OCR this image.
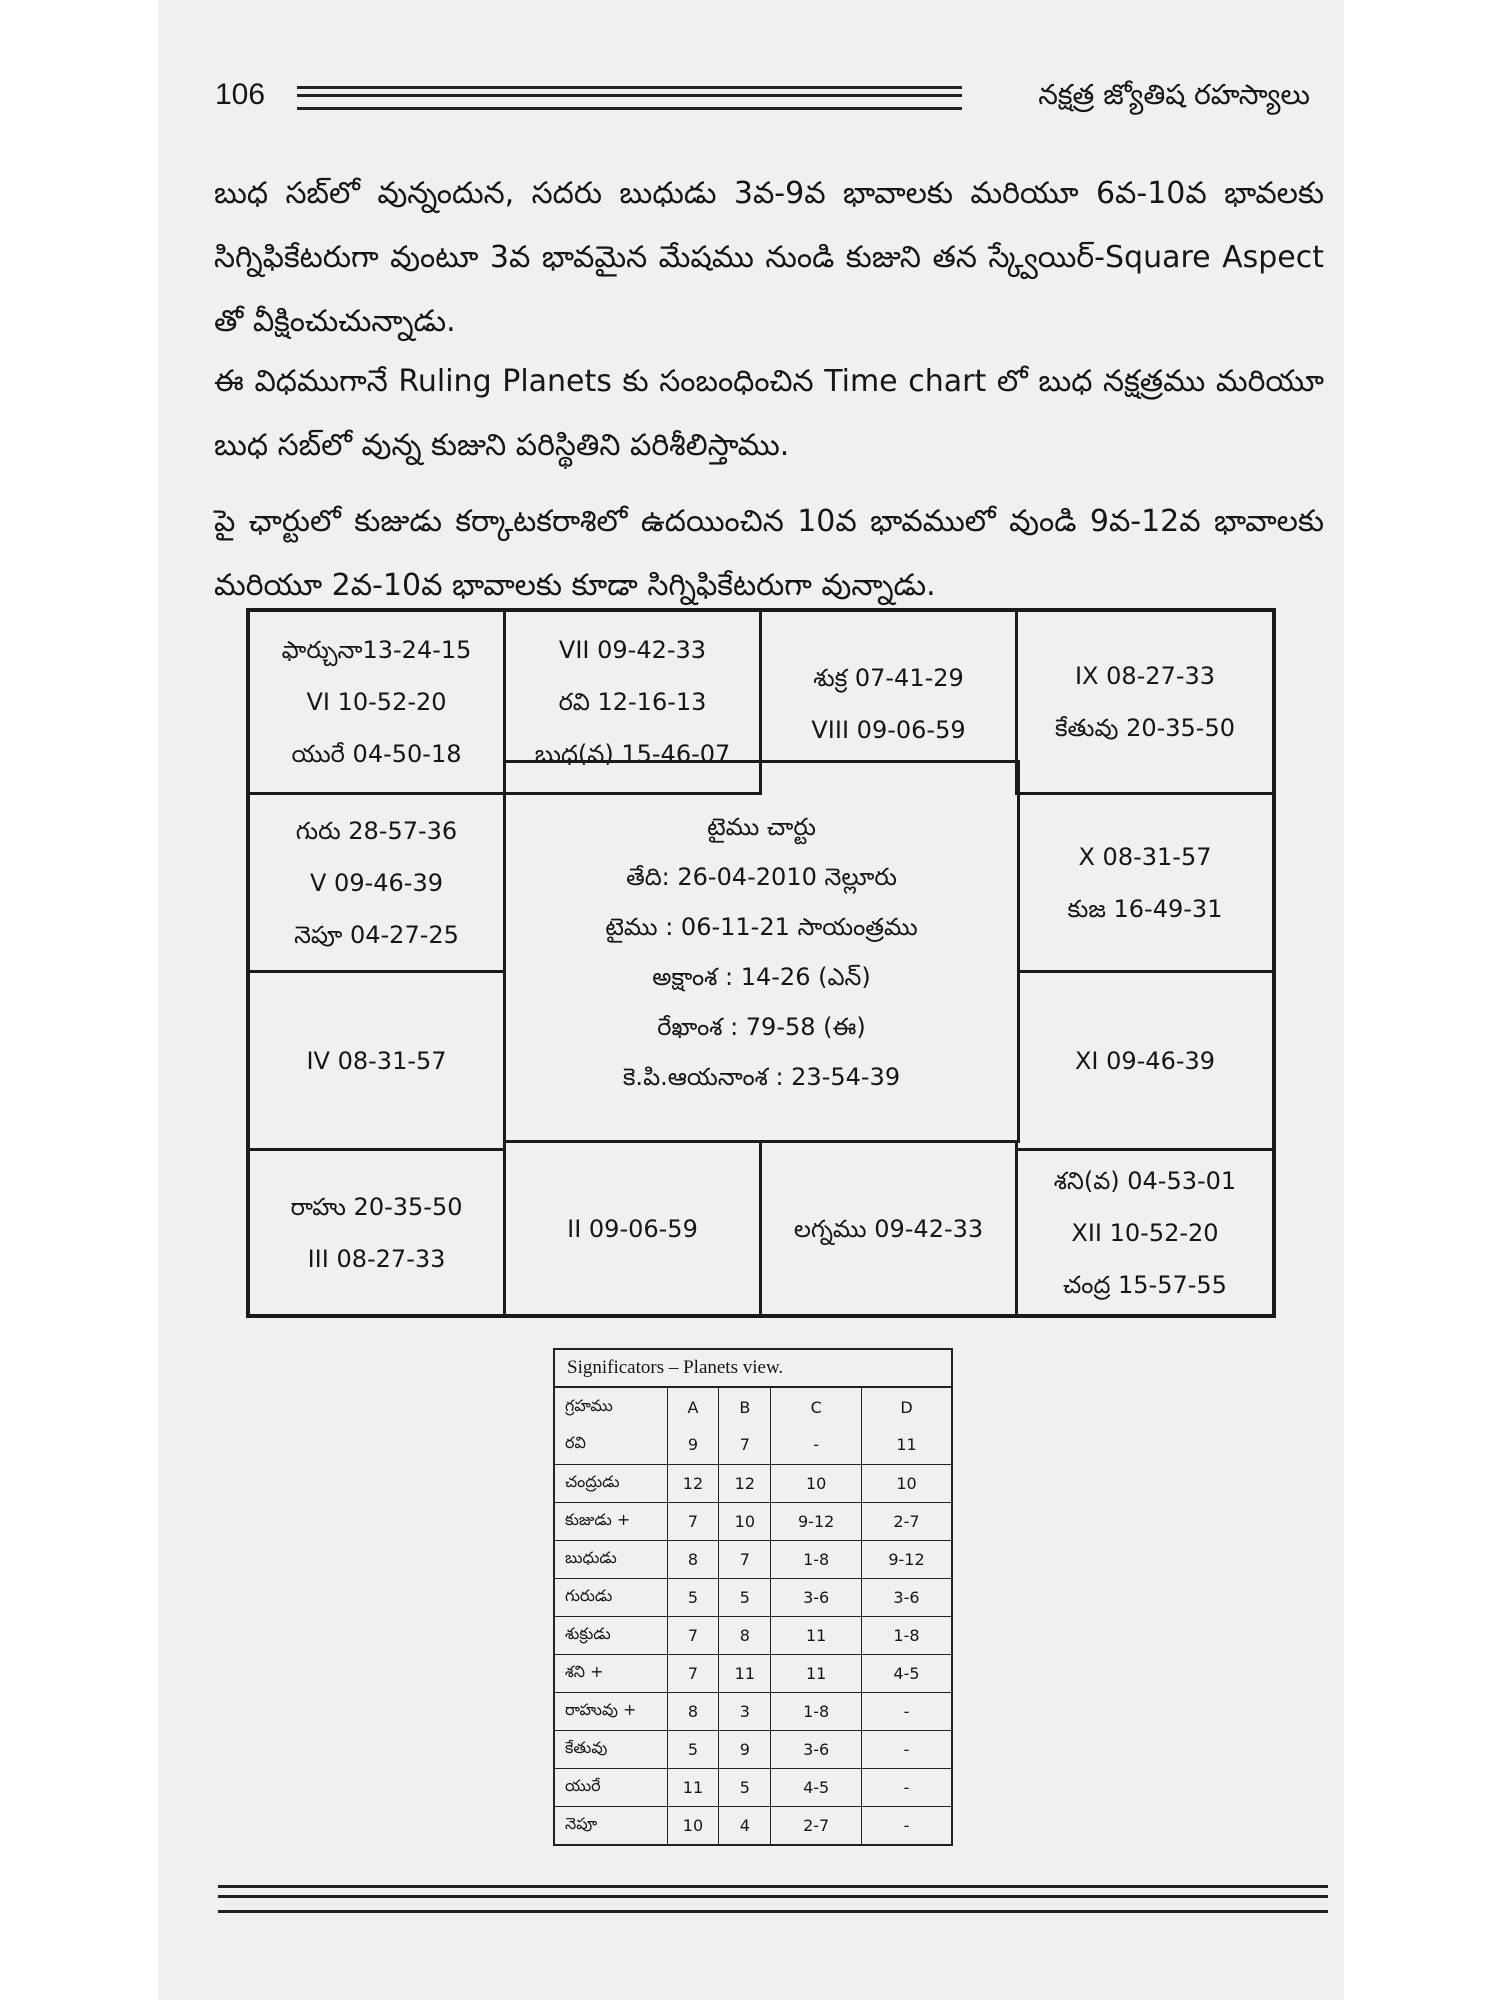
106	నక్షత్ర జ్యోతిష రహస్యాలు

బుధ సబ్‌లో వున్నందున, సదరు బుధుడు 3వ-9వ భావాలకు మరియూ 6వ-10వ భావలకు సిగ్నిఫికేటరుగా వుంటూ 3వ భావమైన మేషము నుండి కుజుని తన స్క్వేయిర్-Square Aspect తో వీక్షించుచున్నాడు.

ఈ విధముగానే Ruling Planets కు సంబంధించిన Time chart లో బుధ నక్షత్రము మరియూ బుధ సబ్‌లో వున్న కుజుని పరిస్థితిని పరిశీలిస్తాము.

పై ఛార్టులో కుజుడు కర్కాటకరాశిలో ఉదయించిన 10వ భావములో వుండి 9వ-12వ భావాలకు మరియూ 2వ-10వ భావాలకు కూడా సిగ్నిఫికేటరుగా వున్నాడు.

ఫార్చునా13-24-15
VI 10-52-20
యురే 04-50-18
VII 09-42-33
రవి 12-16-13
బుధ(వ) 15-46-07
శుక్ర 07-41-29
VIII 09-06-59
IX 08-27-33
కేతువు 20-35-50
గురు 28-57-36
V 09-46-39
నెపూ 04-27-25
టైము చార్టు
తేది: 26-04-2010 నెల్లూరు
టైము : 06-11-21 సాయంత్రము
అక్షాంశ : 14-26 (ఎన్)
రేఖాంశ : 79-58 (ఈ)
కె.పి.ఆయనాంశ : 23-54-39
X 08-31-57
కుజ 16-49-31
IV 08-31-57	XI 09-46-39
రాహు 20-35-50
III 08-27-33
II 09-06-59	లగ్నము 09-42-33
శని(వ) 04-53-01
XII 10-52-20
చంద్ర 15-57-55
Significators – Planets view.
గ్రహము	A	B	C	D
రవి	9	7	-	11
చంద్రుడు	12	12	10	10
కుజుడు +	7	10	9-12	2-7
బుధుడు	8	7	1-8	9-12
గురుడు	5	5	3-6	3-6
శుక్రుడు	7	8	11	1-8
శని +	7	11	11	4-5
రాహువు +	8	3	1-8	-
కేతువు	5	9	3-6	-
యురే	11	5	4-5	-
నెపూ	10	4	2-7	-
